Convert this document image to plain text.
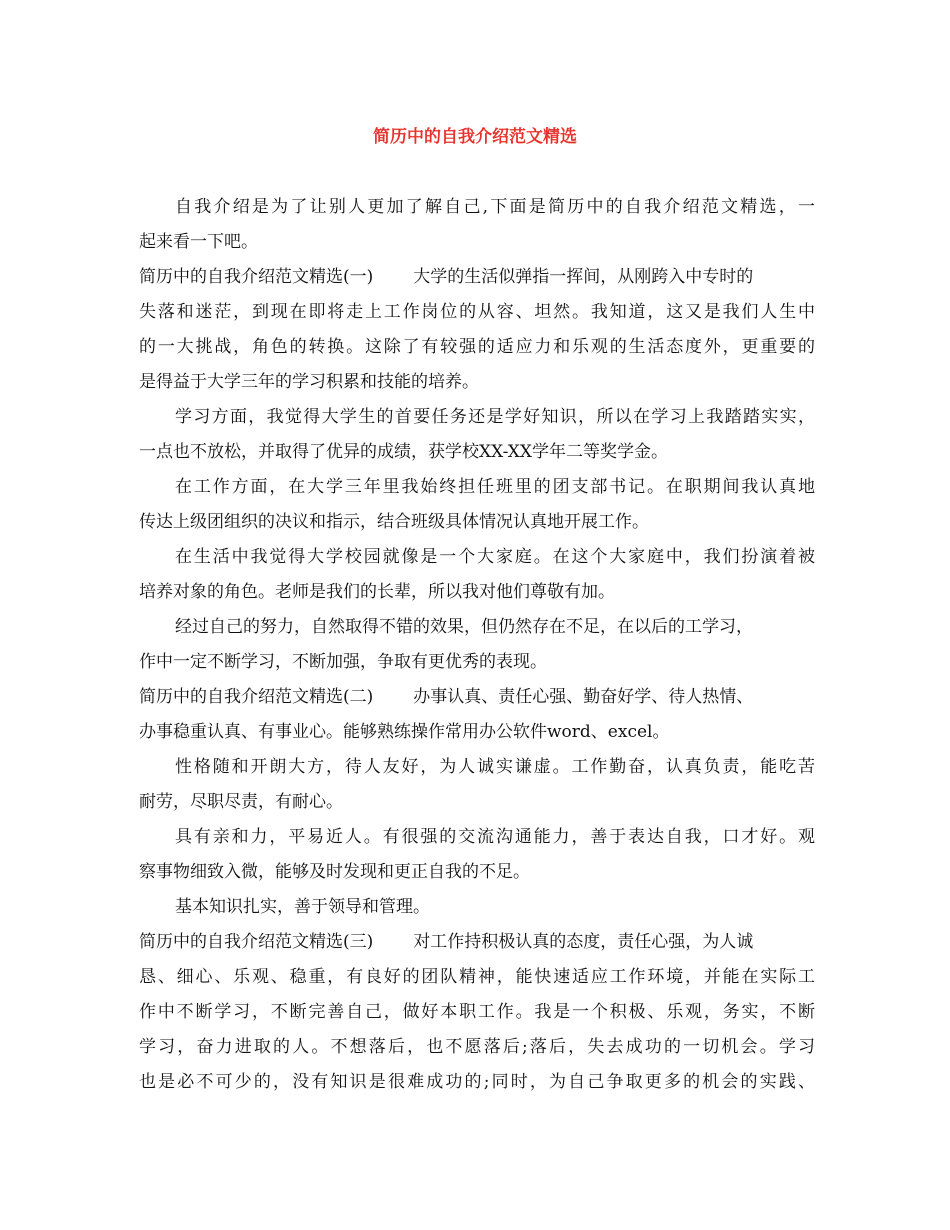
简历中的自我介绍范文精选
自我介绍是为了让别人更加了解自己,下面是简历中的自我介绍范文精选，一
起来看一下吧。
简历中的自我介绍范文精选(一) 大学的生活似弹指一挥间，从刚跨入中专时的
失落和迷茫，到现在即将走上工作岗位的从容、坦然。我知道，这又是我们人生中
的一大挑战，角色的转换。这除了有较强的适应力和乐观的生活态度外，更重要的
是得益于大学三年的学习积累和技能的培养。
学习方面，我觉得大学生的首要任务还是学好知识，所以在学习上我踏踏实实，
一点也不放松，并取得了优异的成绩，获学校XX-XX学年二等奖学金。
在工作方面，在大学三年里我始终担任班里的团支部书记。在职期间我认真地
传达上级团组织的决议和指示，结合班级具体情况认真地开展工作。
在生活中我觉得大学校园就像是一个大家庭。在这个大家庭中，我们扮演着被
培养对象的角色。老师是我们的长辈，所以我对他们尊敬有加。
经过自己的努力，自然取得不错的效果，但仍然存在不足，在以后的工学习，
作中一定不断学习，不断加强，争取有更优秀的表现。
简历中的自我介绍范文精选(二) 办事认真、责任心强、勤奋好学、待人热情、
办事稳重认真、有事业心。能够熟练操作常用办公软件word、excel。
性格随和开朗大方，待人友好，为人诚实谦虚。工作勤奋，认真负责，能吃苦
耐劳，尽职尽责，有耐心。
具有亲和力，平易近人。有很强的交流沟通能力，善于表达自我，口才好。观
察事物细致入微，能够及时发现和更正自我的不足。
基本知识扎实，善于领导和管理。
简历中的自我介绍范文精选(三) 对工作持积极认真的态度，责任心强，为人诚
恳、细心、乐观、稳重，有良好的团队精神，能快速适应工作环境，并能在实际工
作中不断学习，不断完善自己，做好本职工作。我是一个积极、乐观，务实，不断
学习，奋力进取的人。不想落后，也不愿落后;落后，失去成功的一切机会。学习
也是必不可少的，没有知识是很难成功的;同时，为自己争取更多的机会的实践、
